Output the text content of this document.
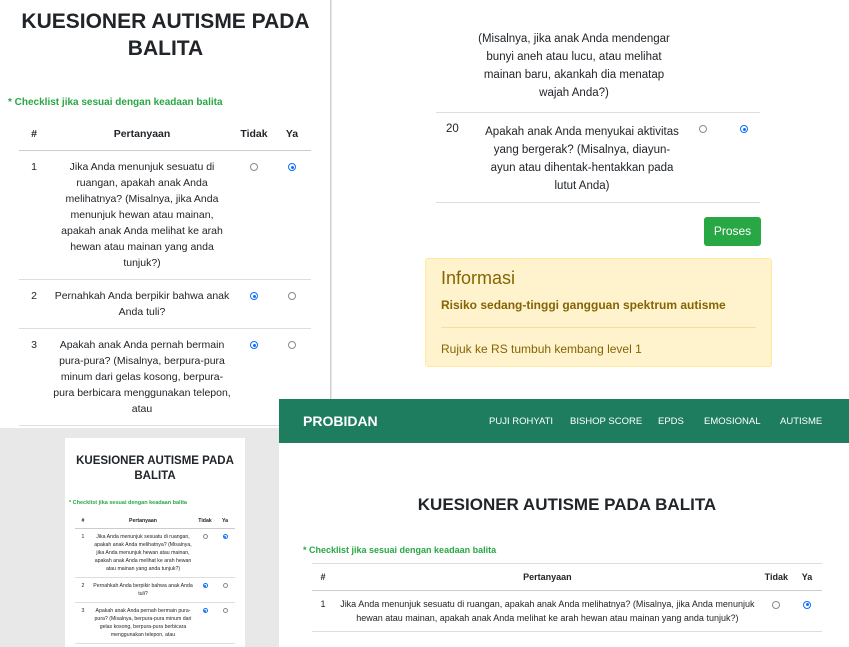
KUESIONER AUTISME PADA
BALITA
* Checklist jika sesuai dengan keadaan balita
#	Pertanyaan	Tidak	Ya
1	Jika Anda menunjuk sesuatu di ruangan, apakah anak Anda melihatnya? (Misalnya, jika Anda menunjuk hewan atau mainan, apakah anak Anda melihat ke arah hewan atau mainan yang anda tunjuk?)		
2	Pernahkah Anda berpikir bahwa anak Anda tuli?		
3	Apakah anak Anda pernah bermain pura-pura? (Misalnya, berpura-pura minum dari gelas kosong, berpura-pura berbicara menggunakan telepon, atau		
(Misalnya, jika anak Anda mendengar bunyi aneh atau lucu, atau melihat mainan baru, akankah dia menatap wajah Anda?)
20 Apakah anak Anda menyukai aktivitas yang bergerak? (Misalnya, diayun-ayun atau dihentak-hentakkan pada lutut Anda)
Proses
Informasi
Risiko sedang-tinggi gangguan spektrum autisme
Rujuk ke RS tumbuh kembang level 1
KUESIONER AUTISME PADA
BALITA
* Checklist jika sesuai dengan keadaan balita
#	Pertanyaan	Tidak	Ya
1	Jika Anda menunjuk sesuatu di ruangan, apakah anak Anda melihatnya? (Misalnya, jika Anda menunjuk hewan atau mainan, apakah anak Anda melihat ke arah hewan atau mainan yang anda tunjuk?)		
2	Pernahkah Anda berpikir bahwa anak Anda tuli?		
3	Apakah anak Anda pernah bermain pura-pura? (Misalnya, berpura-pura minum dari gelas kosong, berpura-pura berbicara menggunakan telepon, atau		
PROBIDAN	PUJI ROHYATI BISHOP SCORE EPDS EMOSIONAL AUTISME
KUESIONER AUTISME PADA BALITA
* Checklist jika sesuai dengan keadaan balita
#	Pertanyaan	Tidak	Ya
1	Jika Anda menunjuk sesuatu di ruangan, apakah anak Anda melihatnya? (Misalnya, jika Anda menunjuk hewan atau mainan, apakah anak Anda melihat ke arah hewan atau mainan yang anda tunjuk?)		
